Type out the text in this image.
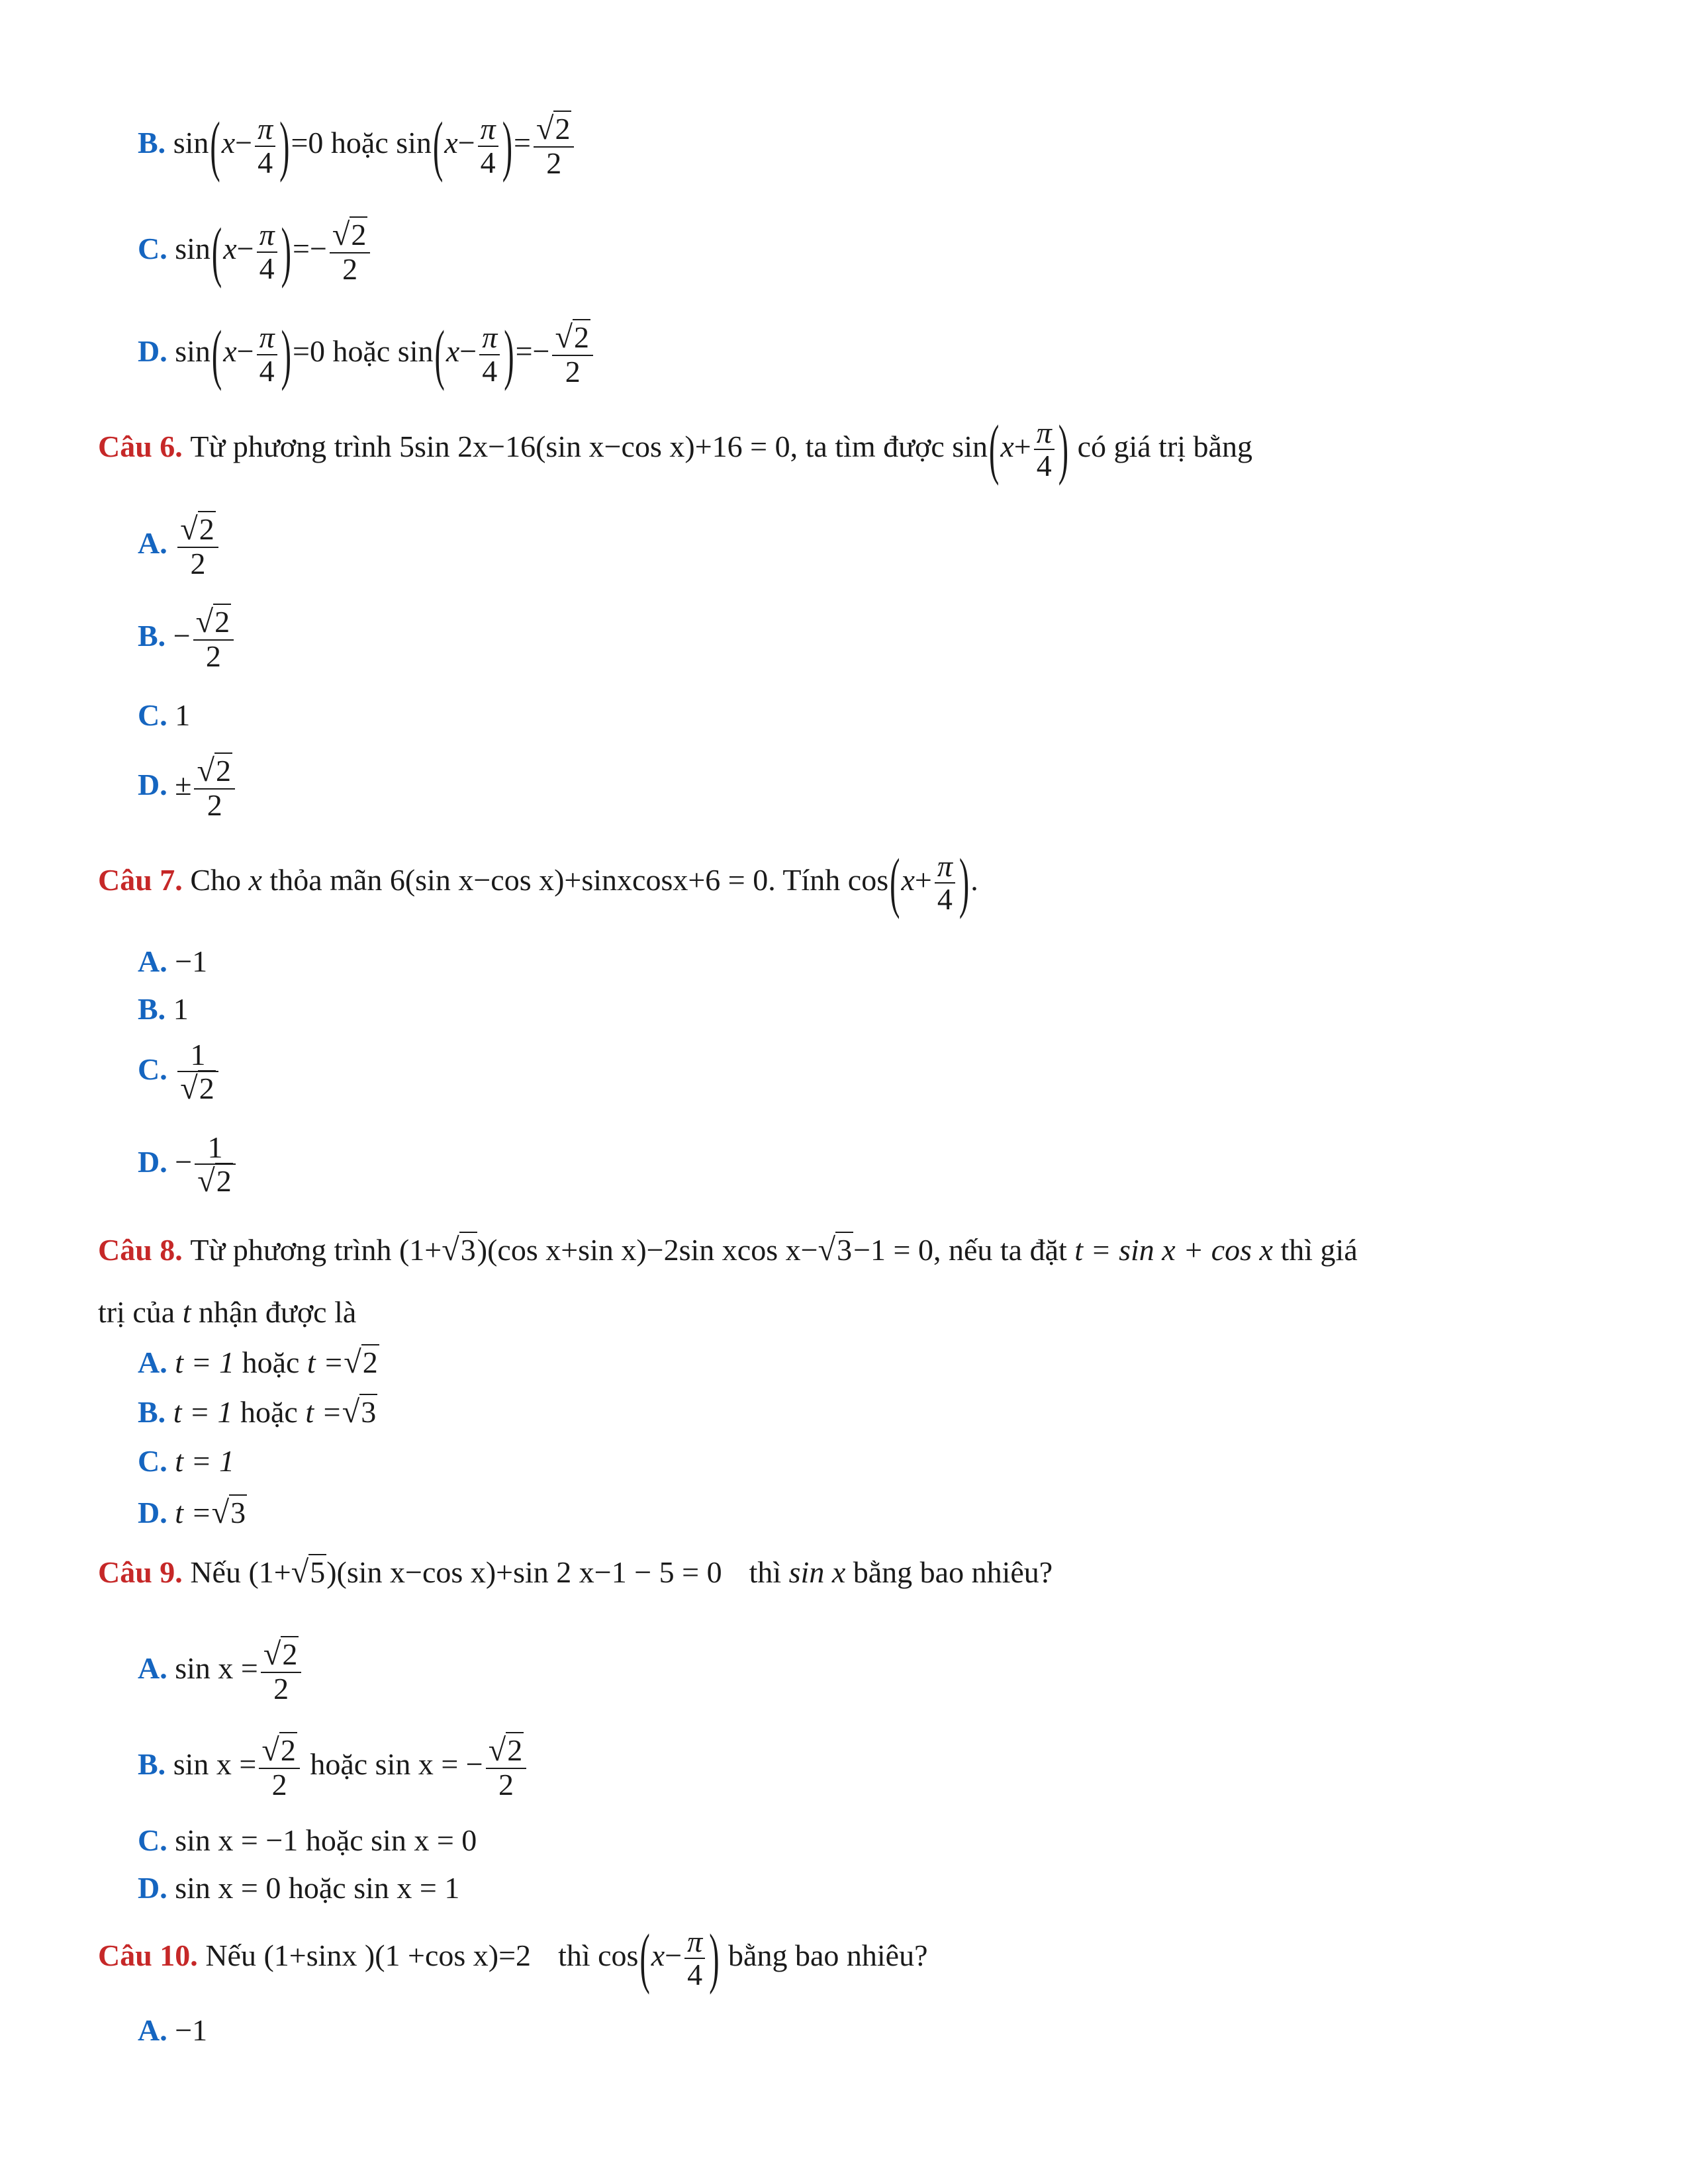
B. $\sin(x- \frac{\pi}{4} )=0$ hoặc $\sin(x- \frac{\pi}{4}$ )= $\frac{√2}{2}$
C. $\sin(x- \frac{\pi}{4}$ )=− $\frac{√2}{2}$
D. $\sin(x- \frac{\pi}{4} )=0$ hoặc $\sin(x- \frac{\pi}{4}$ )=− $\frac{√2}{2}$
Câu 6. Từ phương trình 5sin 2x−16(sin x−cos x)+16 = 0, ta tìm được $\sin(x+ \frac{\pi}{4}$ ) có giá trị bằng
A. $\frac{√2}{2}$
B. − $\frac{√2}{2}$
C. 1
D. ± $\frac{√2}{2}$
Câu 7. Cho x thỏa mãn 6(sin x−cos x)+sinxcosx+6 = 0. Tính $\cos(x+ \frac{\pi}{4}$ ).
A. −1
B. 1
C. $\frac{1}{√2}$
D. − $\frac{1}{√2}$
Câu 8. Từ phương trình (1+√3)(cos x+sin x)−2sin xcos x−√3−1 = 0, nếu ta đặt t = sin x + cos x thì giá
trị của t nhận được là
A. t = 1 hoặc t =√2
B. t = 1 hoặc t =√3
C. t = 1
D. t =√3
Câu 9. Nếu (1+√5)(sin x−cos x)+sin 2 x−1 − 5 = 0 thì sin x bằng bao nhiêu?
A. $\sin x = \frac{√2}{2}$
B. $\sin x = \frac{√2}{2}$ hoặc sin x = − $\frac{√2}{2}$
C. sin x = −1 hoặc sin x = 0
D. sin x = 0 hoặc sin x = 1
Câu 10. Nếu (1+sinx )(1 +cos x)=2 thì $\cos(x- \frac{\pi}{4}$ ) bằng bao nhiêu?
A. −1
